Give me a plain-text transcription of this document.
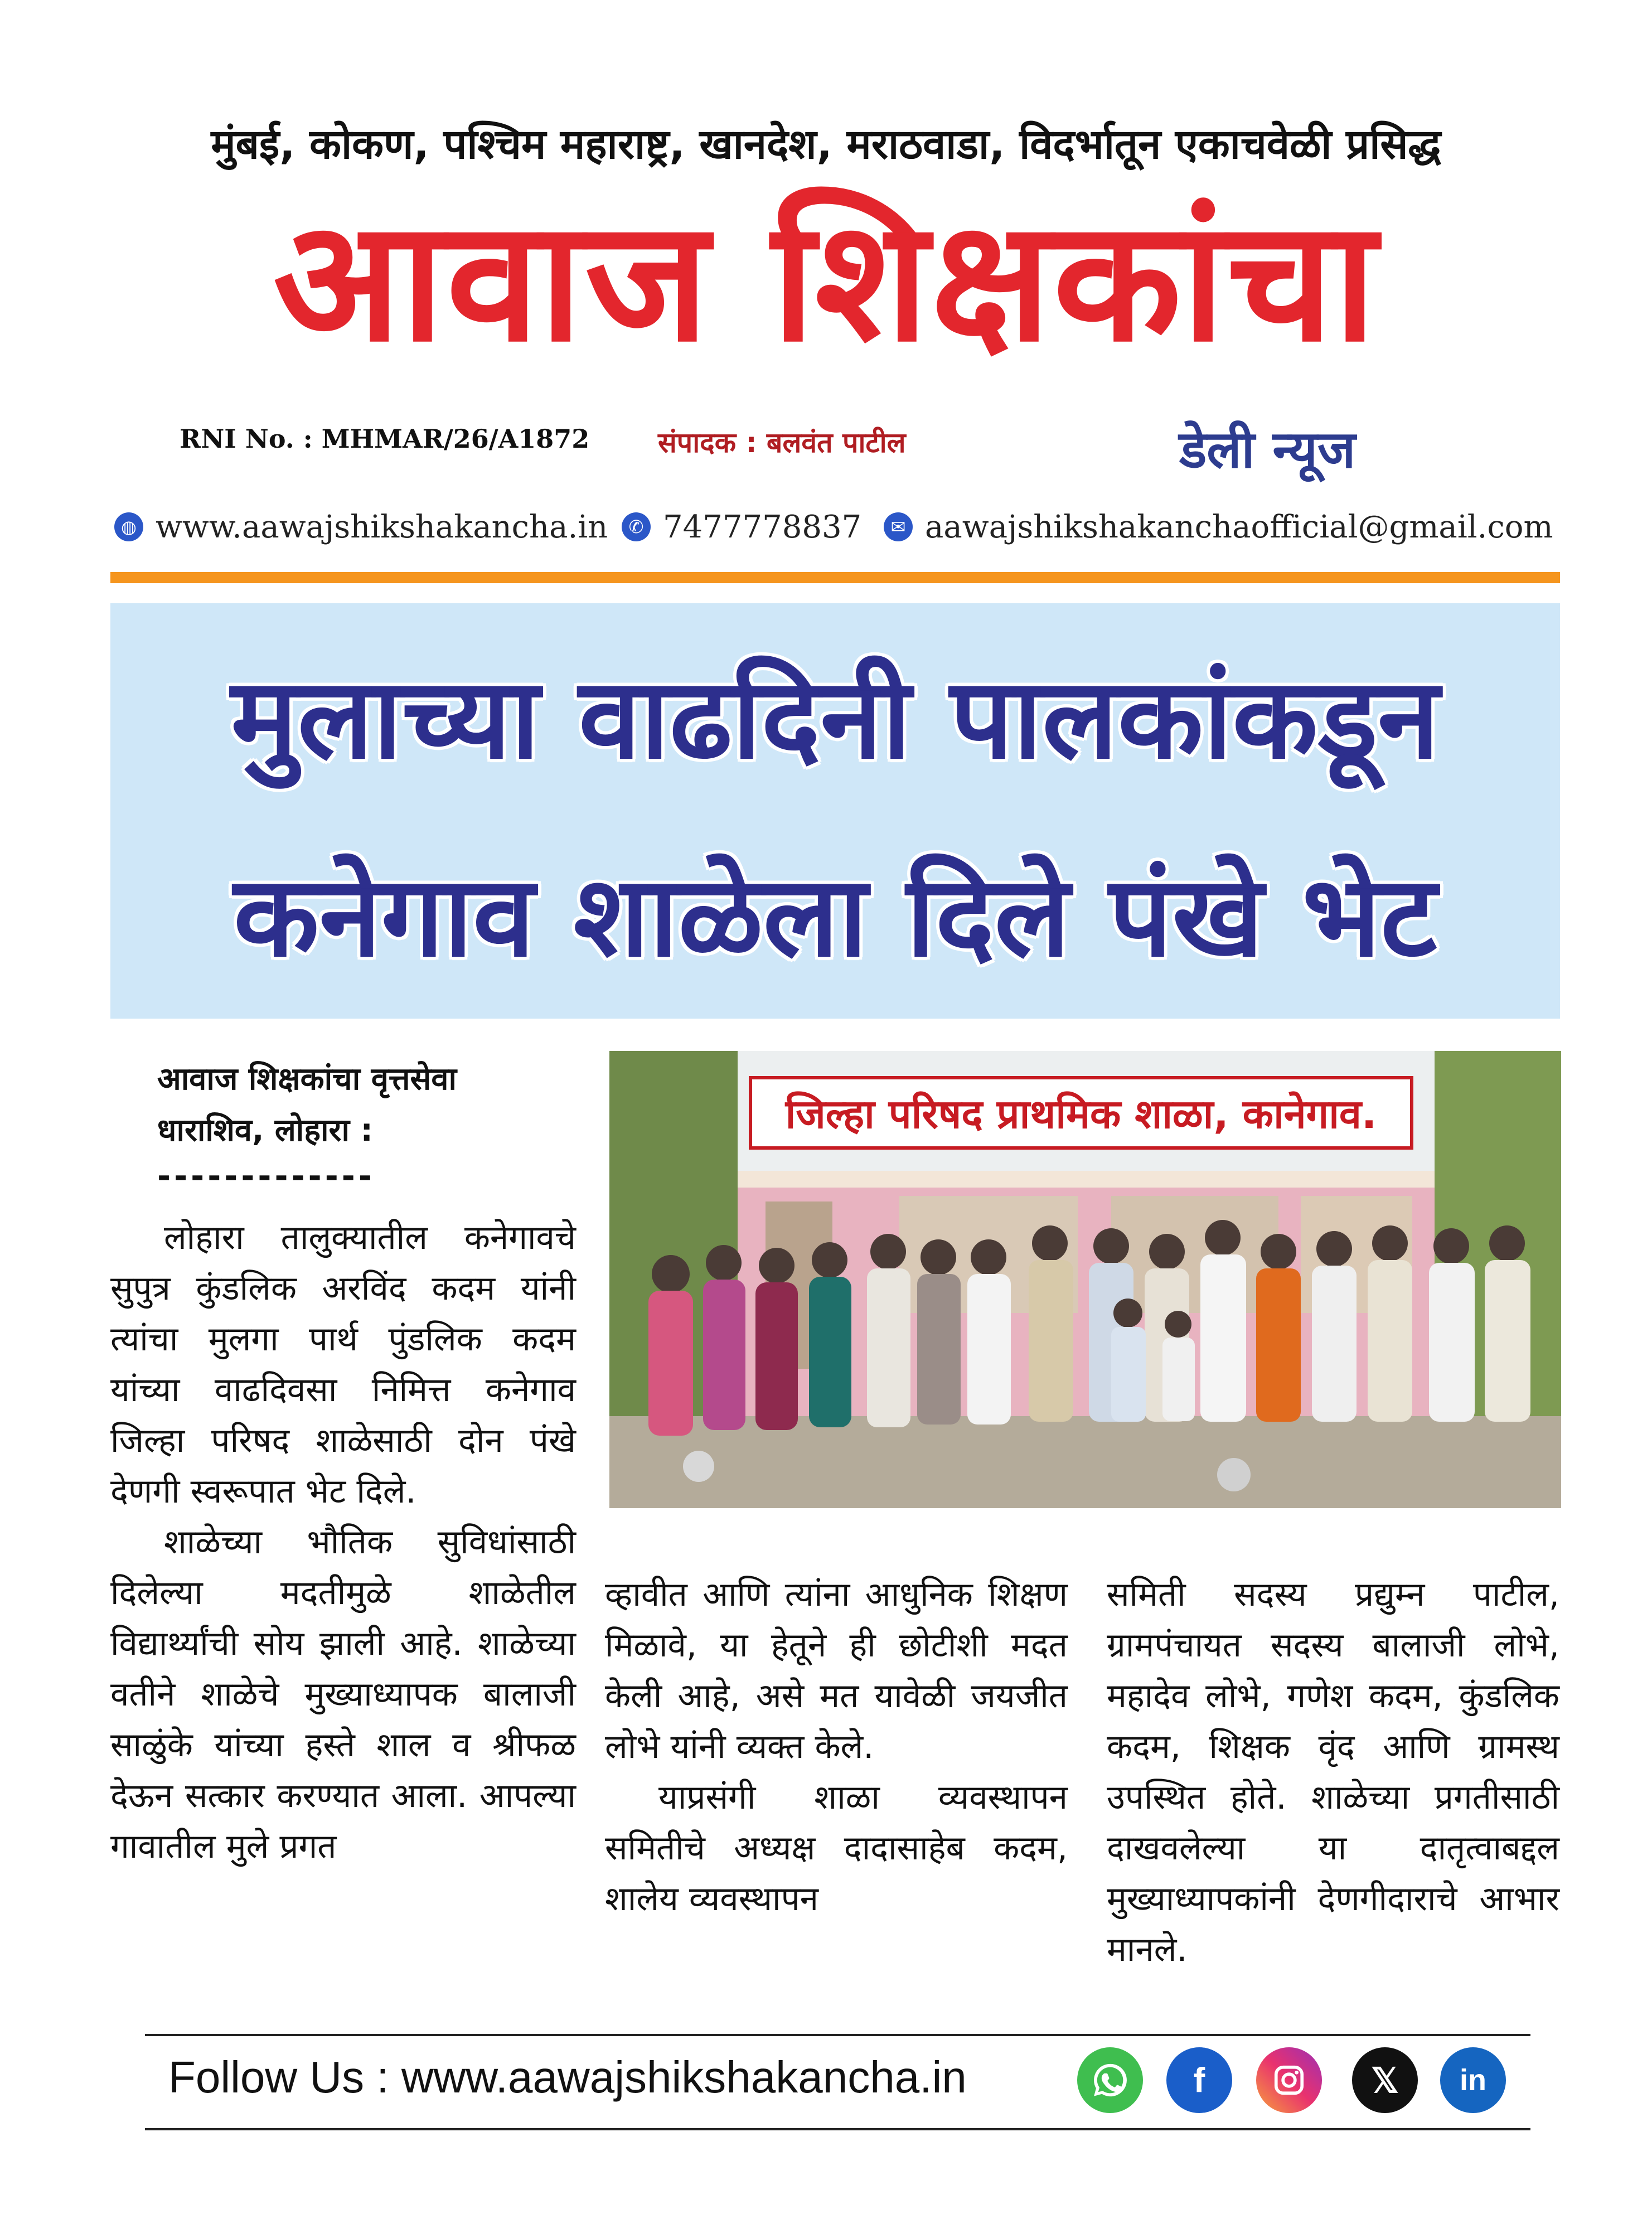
मुंबई, कोकण, पश्चिम महाराष्ट्र, खानदेश, मराठवाडा, विदर्भातून एकाचवेळी प्रसिद्ध
आवाज शिक्षकांचा
RNI No. : MHMAR/26/A1872 संपादक : बलवंत पाटील	डेली न्यूज
◍ www.aawajshikshakancha.in	✆ 7477778837	✉ aawajshikshakanchaofficial@gmail.com
मुलाच्या वाढदिनी पालकांकडून
कनेगाव शाळेला दिले पंखे भेट
आवाज शिक्षकांचा वृत्तसेवा
धाराशिव, लोहारा :
-------------
जिल्हा परिषद प्राथमिक शाळा, कानेगाव.

लोहारा तालुक्यातील कनेगावचे सुपुत्र कुंडलिक अरविंद कदम यांनी त्यांचा मुलगा पार्थ पुंडलिक कदम यांच्या वाढदिवसा निमित्त कनेगाव जिल्हा परिषद शाळेसाठी दोन पंखे देणगी स्वरूपात भेट दिले.

शाळेच्या भौतिक सुविधांसाठी दिलेल्या मदतीमुळे शाळेतील विद्यार्थ्यांची सोय झाली आहे. शाळेच्या वतीने शाळेचे मुख्याध्यापक बालाजी साळुंके यांच्या हस्ते शाल व श्रीफळ देऊन सत्कार करण्यात आला. आपल्या गावातील मुले प्रगत

व्हावीत आणि त्यांना आधुनिक शिक्षण मिळावे, या हेतूने ही छोटीशी मदत केली आहे, असे मत यावेळी जयजीत लोभे यांनी व्यक्त केले.

याप्रसंगी शाळा व्यवस्थापन समितीचे अध्यक्ष दादासाहेब कदम, शालेय व्यवस्थापन

समिती सदस्य प्रद्युम्न पाटील, ग्रामपंचायत सदस्य बालाजी लोभे, महादेव लोभे, गणेश कदम, कुंडलिक कदम, शिक्षक वृंद आणि ग्रामस्थ उपस्थित होते. शाळेच्या प्रगतीसाठी दाखवलेल्या या दातृत्वाबद्दल मुख्याध्यापकांनी देणगीदाराचे आभार मानले.

Follow Us : www.aawajshikshakancha.in	f	𝕏	in
